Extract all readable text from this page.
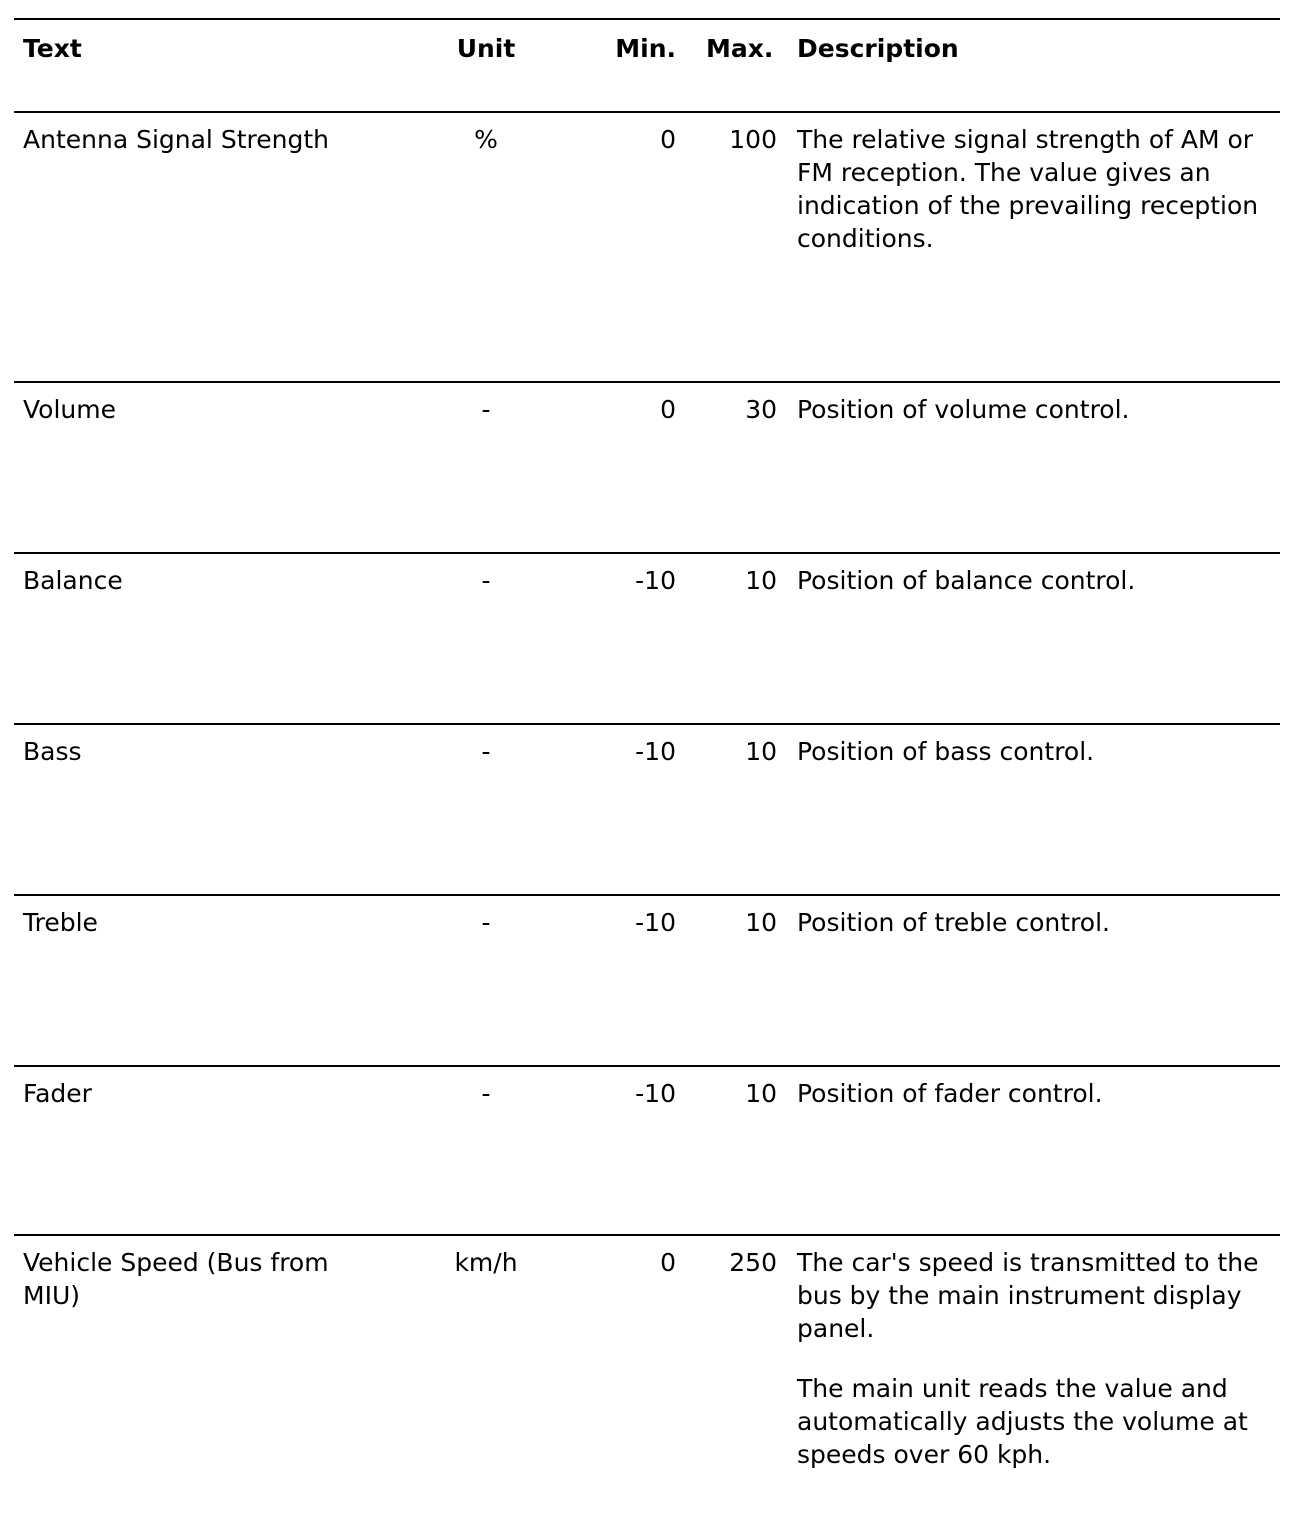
Text	Unit	Min.	Max.	Description
Antenna Signal Strength	%	0	100	The relative signal strength of AM or FM reception. The value gives an indication of the prevailing reception conditions.

Volume	-	0	30	Position of volume control.

Balance	-	-10	10	Position of balance control.

Bass	-	-10	10	Position of bass control.

Treble	-	-10	10	Position of treble control.

Fader	-	-10	10	Position of fader control.

Vehicle Speed (Bus from MIU)	km/h	0	250	The car's speed is transmitted to the bus by the main instrument display panel.

The main unit reads the value and automatically adjusts the volume at speeds over 60 kph.
